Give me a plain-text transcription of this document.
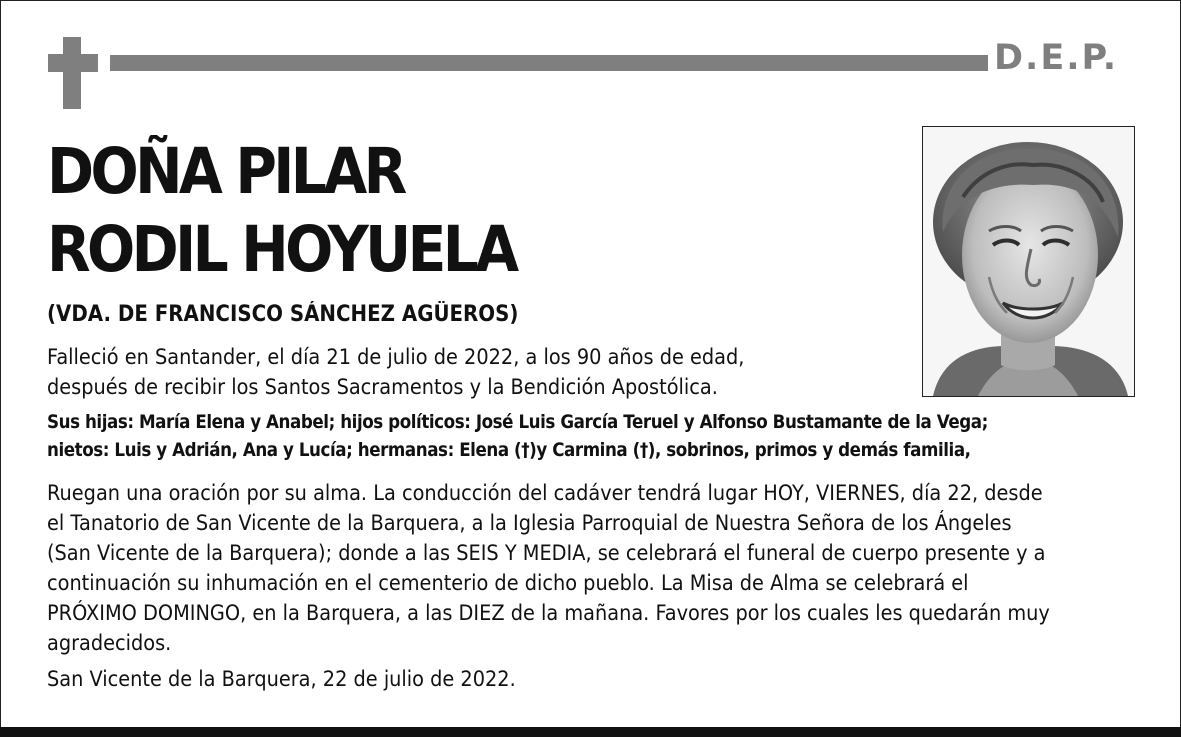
D.E.P.
DOÑA PILAR
RODIL HOYUELA
(VDA. DE FRANCISCO SÁNCHEZ AGÜEROS)
Falleció en Santander, el día 21 de julio de 2022, a los 90 años de edad,
después de recibir los Santos Sacramentos y la Bendición Apostólica.
Sus hijas: María Elena y Anabel; hijos políticos: José Luis García Teruel y Alfonso Bustamante de la Vega;
nietos: Luis y Adrián, Ana y Lucía; hermanas: Elena (†)y Carmina (†), sobrinos, primos y demás familia,
Ruegan una oración por su alma. La conducción del cadáver tendrá lugar HOY, VIERNES, día 22, desde
el Tanatorio de San Vicente de la Barquera, a la Iglesia Parroquial de Nuestra Señora de los Ángeles
(San Vicente de la Barquera); donde a las SEIS Y MEDIA, se celebrará el funeral de cuerpo presente y a
continuación su inhumación en el cementerio de dicho pueblo. La Misa de Alma se celebrará el
PRÓXIMO DOMINGO, en la Barquera, a las DIEZ de la mañana. Favores por los cuales les quedarán muy
agradecidos.
San Vicente de la Barquera, 22 de julio de 2022.
